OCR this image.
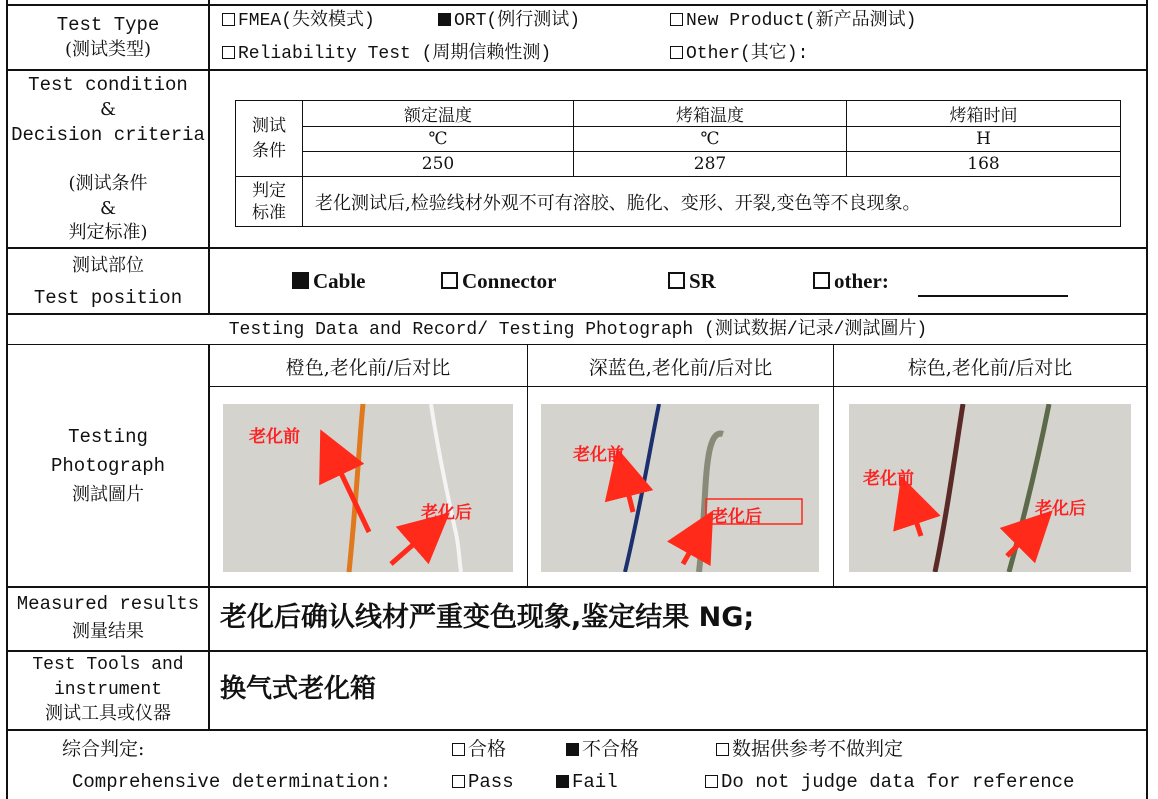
Test Type
(测试类型)
FMEA(失效模式)	ORT(例行测试)	New Product(新产品测试)
Reliability Test (周期信赖性测)	Other(其它):
Test condition
&
Decision criteria
(测试条件
&
判定标准)
测试
条件	额定温度	烤箱温度	烤箱时间
	℃	℃	H
	250	287	168

判定
标准	老化测试后,检验线材外观不可有溶胶、脆化、变形、开裂,变色等不良现象。		
测试部位
Test position
Cable	Connector	SR	other:
Testing Data and Record/ Testing Photograph (测试数据/记录/测試圖片)
Testing
Photograph
测試圖片
橙色,老化前/后对比	深蓝色,老化前/后对比	棕色,老化前/后对比
老化前
老化后
老化前
老化后
老化前
老化后
Measured results
测量结果	老化后确认线材严重变色现象,鉴定结果 NG;
Test Tools and
instrument
测试工具或仪器
换气式老化箱
综合判定:
Comprehensive determination:
合格	不合格	数据供参考不做判定
Pass	Fail	Do not judge data for reference
